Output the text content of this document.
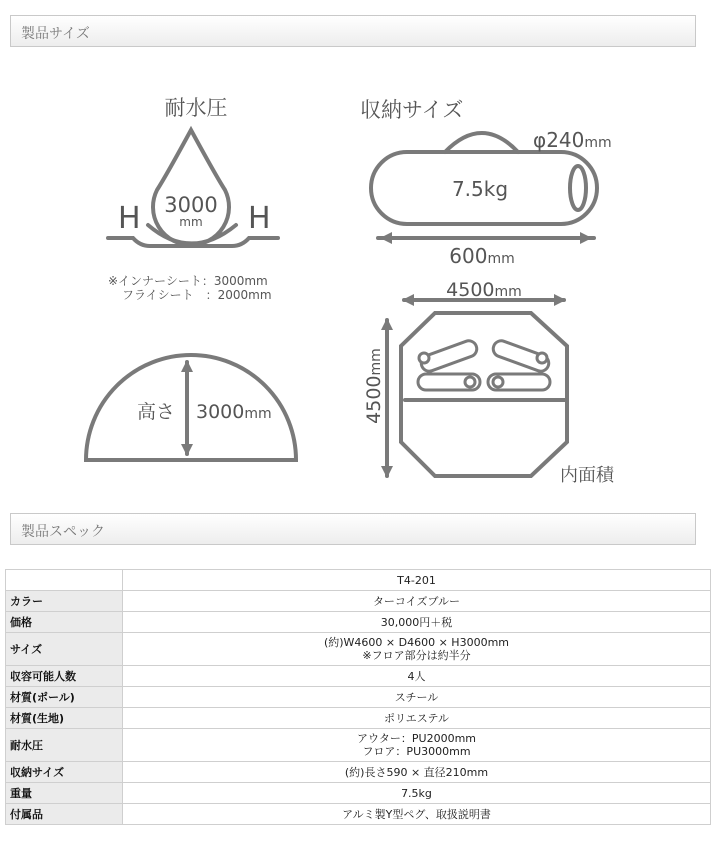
製品サイズ
H	H
耐水圧
3000
mm
※インナーシート：3000mm
フライシート　：2000mm
収納サイズ
φ240mm
7.5kg
600mm
高さ 3000mm
4500mm
4500mm
内面積
製品スペック
	T4-201
カラー	ターコイズブルー

価格	30,000円＋税

サイズ	(約)W4600 × D4600 × H3000mm
※フロア部分は約半分

収容可能人数	4人

材質(ポール)	スチール

材質(生地)	ポリエステル

耐水圧	アウター：PU2000mm
フロア：PU3000mm

収納サイズ	(約)長さ590 × 直径210mm

重量	7.5kg

付属品	アルミ製Y型ペグ、取扱説明書
